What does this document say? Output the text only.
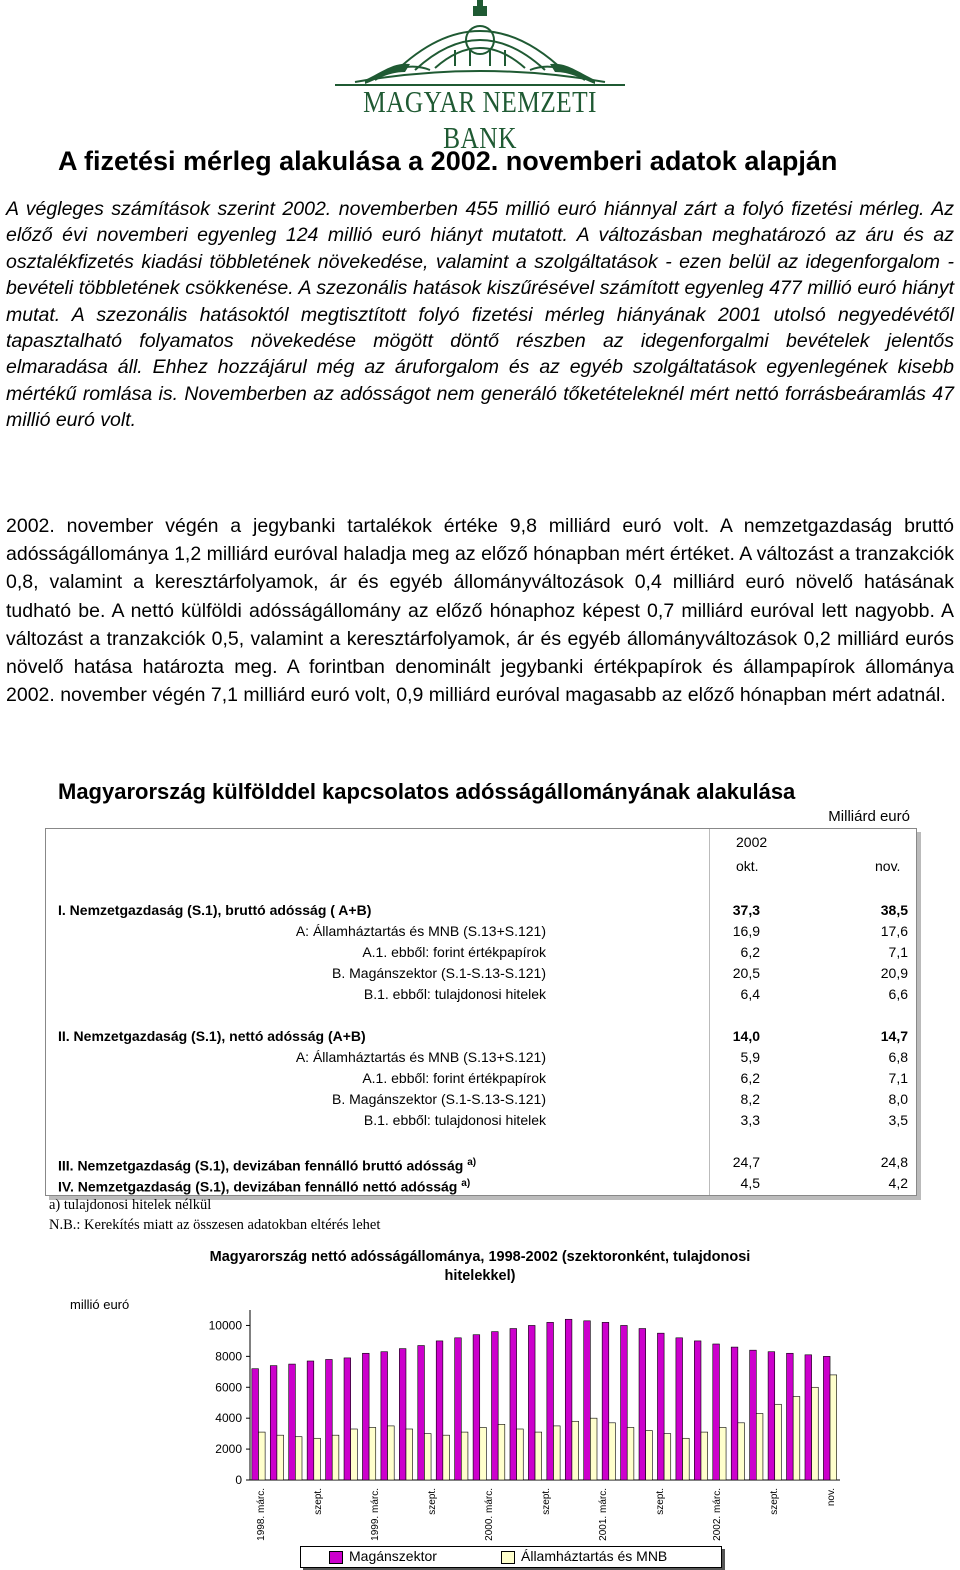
MAGYAR NEMZETI BANK
A fizetési mérleg alakulása a 2002. novemberi adatok alapján

A végleges számítások szerint 2002. novemberben 455 millió euró hiánnyal zárt a folyó fizetési mérleg. Az előző évi novemberi egyenleg 124 millió euró hiányt mutatott. A változásban meghatározó az áru és az osztalékfizetés kiadási többletének növekedése, valamint a szolgáltatások - ezen belül az idegenforgalom - bevételi többletének csökkenése. A szezonális hatások kiszűrésével számított egyenleg 477 millió euró hiányt mutat. A szezonális hatásoktól megtisztított folyó fizetési mérleg hiányának 2001 utolsó negyedévétől tapasztalható folyamatos növekedése mögött döntő részben az idegenforgalmi bevételek jelentős elmaradása áll. Ehhez hozzájárul még az áruforgalom és az egyéb szolgáltatások egyenlegének kisebb mértékű romlása is. Novemberben az adósságot nem generáló tőketételeknél mért nettó forrásbeáramlás 47 millió euró volt.

2002. november végén a jegybanki tartalékok értéke 9,8 milliárd euró volt. A nemzetgazdaság bruttó adósságállománya 1,2 milliárd euróval haladja meg az előző hónapban mért értéket. A változást a tranzakciók 0,8, valamint a keresztárfolyamok, ár és egyéb állományváltozások 0,4 milliárd euró növelő hatásának tudható be. A nettó külföldi adósságállomány az előző hónaphoz képest 0,7 milliárd euróval lett nagyobb. A változást a tranzakciók 0,5, valamint a keresztárfolyamok, ár és egyéb állományváltozások 0,2 milliárd eurós növelő hatása határozta meg. A forintban denominált jegybanki értékpapírok és állampapírok állománya 2002. november végén 7,1 milliárd euró volt, 0,9 milliárd euróval magasabb az előző hónapban mért adatnál.

Magyarország külfölddel kapcsolatos adósságállományának alakulása
Milliárd euró
2002
okt.	nov.
I. Nemzetgazdaság (S.1), bruttó adósság ( A+B)	37,3	38,5
A: Államháztartás és MNB (S.13+S.121)	16,9	17,6
A.1. ebből: forint értékpapírok	6,2	7,1
B. Magánszektor (S.1-S.13-S.121)	20,5	20,9
B.1. ebből: tulajdonosi hitelek	6,4	6,6
II. Nemzetgazdaság (S.1), nettó adósság (A+B)	14,0	14,7
A: Államháztartás és MNB (S.13+S.121)	5,9	6,8
A.1. ebből: forint értékpapírok	6,2	7,1
B. Magánszektor (S.1-S.13-S.121)	8,2	8,0
B.1. ebből: tulajdonosi hitelek	3,3	3,5
III. Nemzetgazdaság (S.1), devizában fennálló bruttó adósság $^{a)}$	24,7	24,8
IV. Nemzetgazdaság (S.1), devizában fennálló nettó adósság $^{a)}$	4,5	4,2
a) tulajdonosi hitelek nélkül
N.B.: Kerekítés miatt az összesen adatokban eltérés lehet
Magyarország nettó adósságállománya, 1998-2002 (szektoronként, tulajdonosi hitelekkel)
millió euró
0
2000
4000
6000
8000
10000
1998. márc.	szept.	1999. márc.	szept.	2000. márc.	szept.	2001. márc.	szept.	2002. márc.	szept.	nov.
Magánszektor	Államháztartás és MNB
